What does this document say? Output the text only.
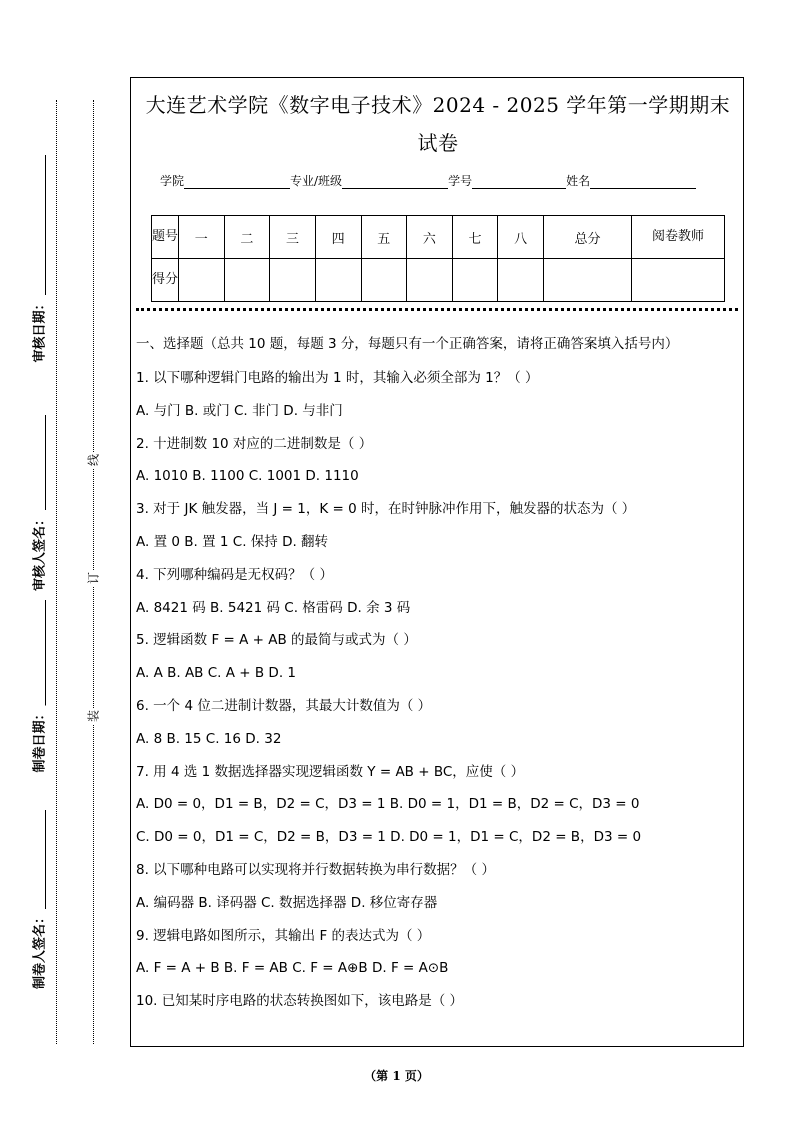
审核日期：
审核人签名：
制卷日期：
制卷人签名：
线
订
装
大连艺术学院《数字电子技术》2024 - 2025 学年第一学期期末试卷
学院	专业/班级	学号	姓名
题号	一	二	三	四	五	六	七	八	总分	阅卷教师
得分										
一、选择题（总共 10 题，每题 3 分，每题只有一个正确答案，请将正确答案填入括号内）
1. 以下哪种逻辑门电路的输出为 1 时，其输入必须全部为 1？（ ）
A. 与门 B. 或门 C. 非门 D. 与非门
2. 十进制数 10 对应的二进制数是（ ）
A. 1010 B. 1100 C. 1001 D. 1110
3. 对于 JK 触发器，当 J = 1，K = 0 时，在时钟脉冲作用下，触发器的状态为（ ）
A. 置 0 B. 置 1 C. 保持 D. 翻转
4. 下列哪种编码是无权码？（ ）
A. 8421 码 B. 5421 码 C. 格雷码 D. 余 3 码
5. 逻辑函数 F = A + AB 的最简与或式为（ ）
A. A B. AB C. A + B D. 1
6. 一个 4 位二进制计数器，其最大计数值为（ ）
A. 8 B. 15 C. 16 D. 32
7. 用 4 选 1 数据选择器实现逻辑函数 Y = AB + BC，应使（ ）
A. D0 = 0，D1 = B，D2 = C，D3 = 1 B. D0 = 1，D1 = B，D2 = C，D3 = 0
C. D0 = 0，D1 = C，D2 = B，D3 = 1 D. D0 = 1，D1 = C，D2 = B，D3 = 0
8. 以下哪种电路可以实现将并行数据转换为串行数据？（ ）
A. 编码器 B. 译码器 C. 数据选择器 D. 移位寄存器
9. 逻辑电路如图所示，其输出 F 的表达式为（ ）
A. F = A + B B. F = AB C. F = A⊕B D. F = A⊙B
10. 已知某时序电路的状态转换图如下，该电路是（ ）
（第 1 页）
